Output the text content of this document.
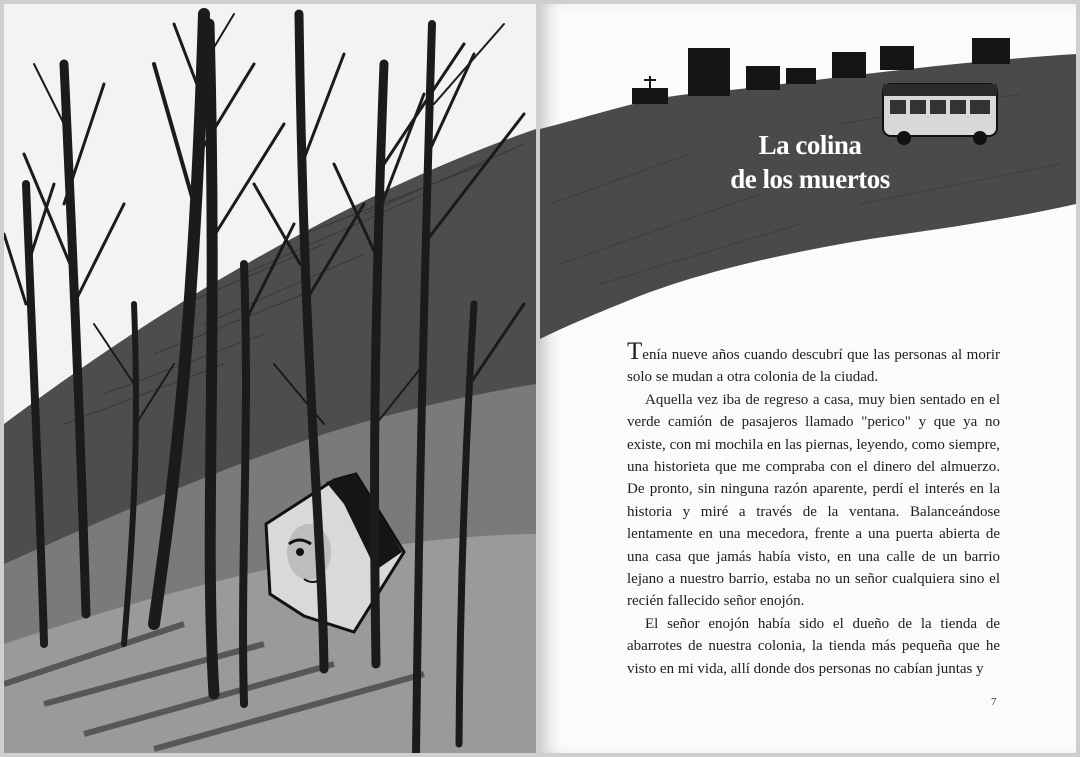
La colina
de los muertos

Tenía nueve años cuando descubrí que las personas al morir solo se mudan a otra colonia de la ciudad.

Aquella vez iba de regreso a casa, muy bien sentado en el verde camión de pasajeros llamado "perico" y que ya no existe, con mi mochila en las piernas, leyendo, como siempre, una historieta que me compraba con el dinero del almuerzo. De pronto, sin ninguna razón aparente, perdí el interés en la historia y miré a través de la ventana. Balanceándose lentamente en una mecedora, frente a una puerta abierta de una casa que jamás había visto, en una calle de un barrio lejano a nuestro barrio, estaba no un señor cualquiera sino el recién fallecido señor enojón.

El señor enojón había sido el dueño de la tienda de abarrotes de nuestra colonia, la tienda más pequeña que he visto en mi vida, allí donde dos personas no cabían juntas y

7
